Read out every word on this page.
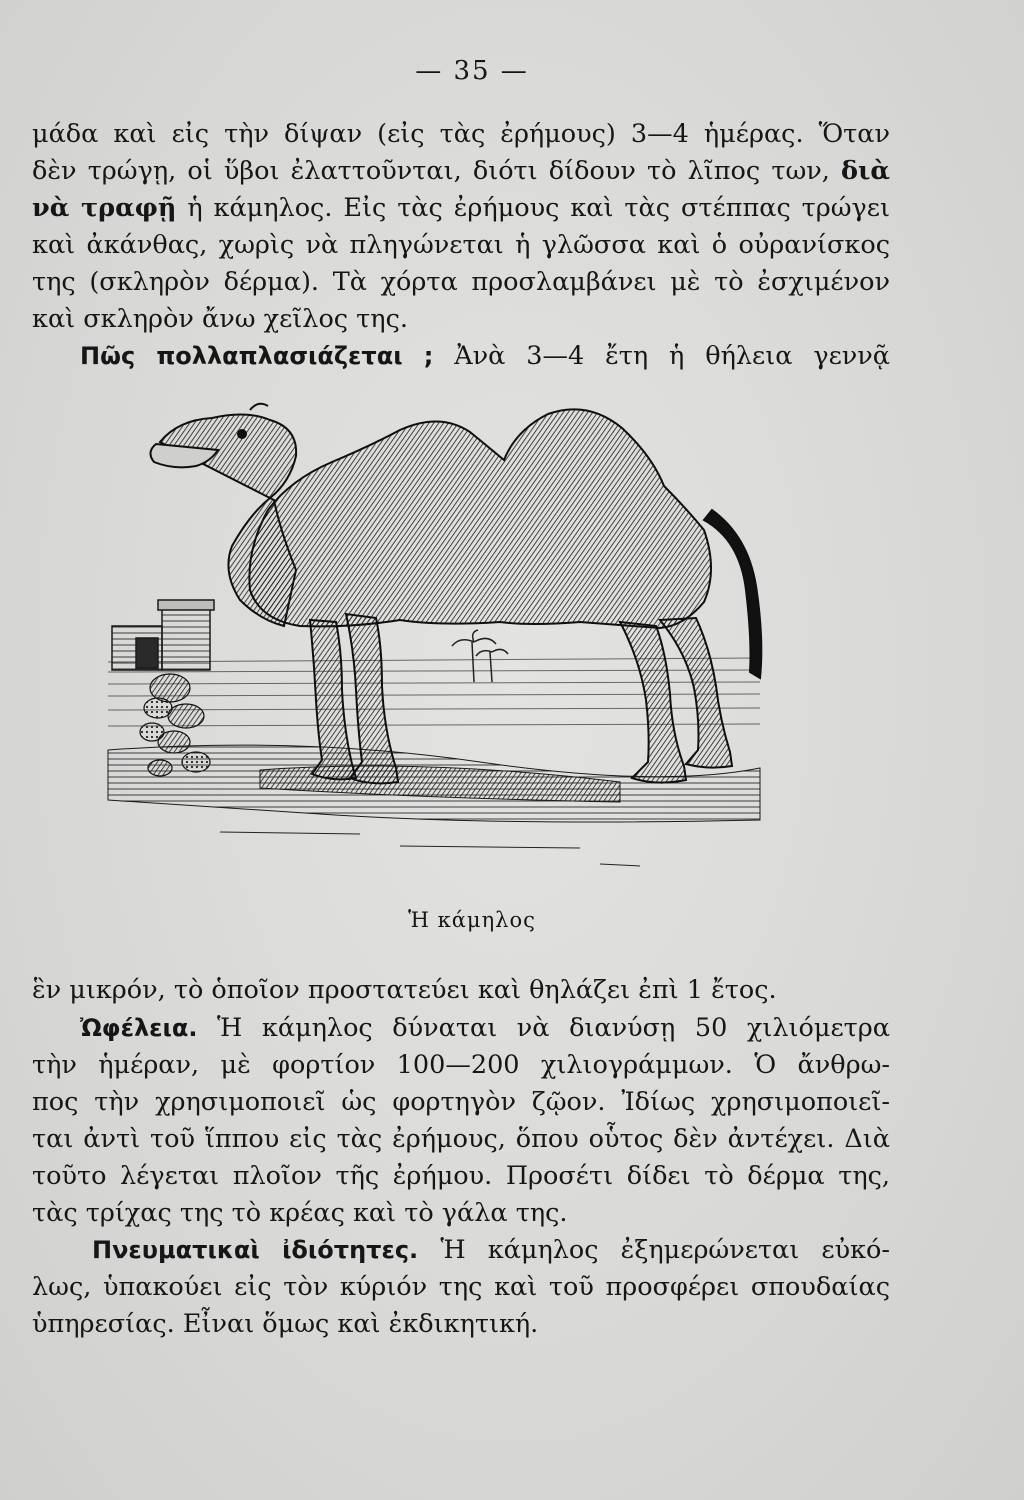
— 35 —
μάδα καὶ εἰς τὴν δίψαν (εἰς τὰς ἐρήμους) 3—4 ἡμέρας. Ὅταν
δὲν τρώγῃ, οἱ ὕβοι ἐλαττοῦνται, διότι δίδουν τὸ λῖπος των, διὰ
νὰ τραφῇ ἡ κάμηλος. Εἰς τὰς ἐρήμους καὶ τὰς στέππας τρώγει
καὶ ἀκάνθας, χωρὶς νὰ πληγώνεται ἡ γλῶσσα καὶ ὁ οὐρανίσκος
της (σκληρὸν δέρμα). Τὰ χόρτα προσλαμβάνει μὲ τὸ ἐσχιμένον
καὶ σκληρὸν ἄνω χεῖλος της.
Πῶς πολλαπλασιάζεται ; Ἀνὰ 3—4 ἔτη ἡ θήλεια γεννᾷ
Ἡ κάμηλος
ἓν μικρόν, τὸ ὁποῖον προστατεύει καὶ θηλάζει ἐπὶ 1 ἔτος.
Ὠφέλεια. Ἡ κάμηλος δύναται νὰ διανύσῃ 50 χιλιόμετρα
τὴν ἡμέραν, μὲ φορτίον 100—200 χιλιογράμμων. Ὁ ἄνθρω-
πος τὴν χρησιμοποιεῖ ὡς φορτηγὸν ζῷον. Ἰδίως χρησιμοποιεῖ-
ται ἀντὶ τοῦ ἵππου εἰς τὰς ἐρήμους, ὅπου οὗτος δὲν ἀντέχει. Διὰ
τοῦτο λέγεται πλοῖον τῆς ἐρήμου. Προσέτι δίδει τὸ δέρμα της,
τὰς τρίχας της τὸ κρέας καὶ τὸ γάλα της.
Πνευματικαὶ ἰδιότητες. Ἡ κάμηλος ἐξημερώνεται εὐκό-
λως, ὑπακούει εἰς τὸν κύριόν της καὶ τοῦ προσφέρει σπουδαίας
ὑπηρεσίας. Εἶναι ὅμως καὶ ἐκδικητική.
